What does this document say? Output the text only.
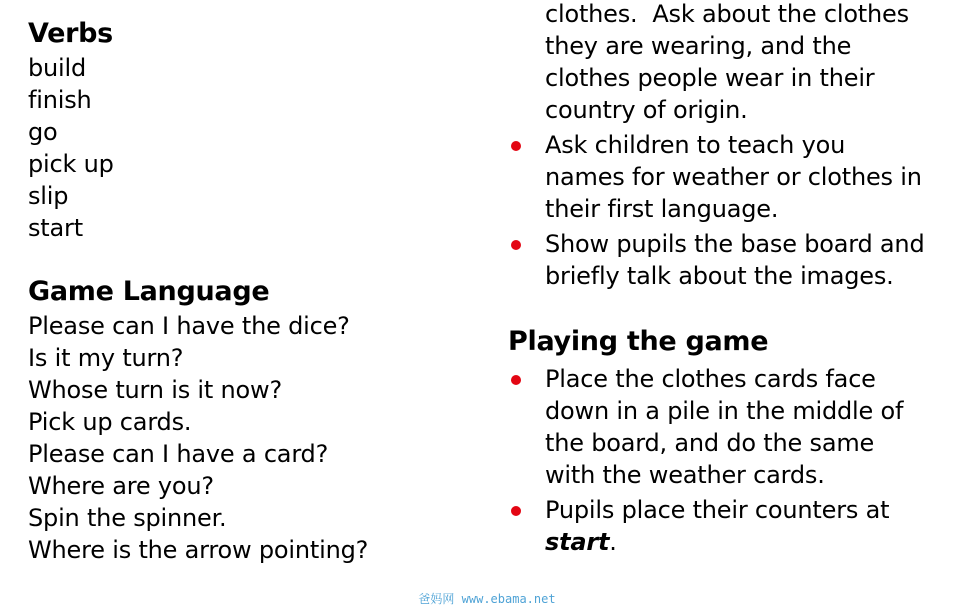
Verbs

build

finish

go

pick up

slip

start

Game Language

Please can I have the dice?

Is it my turn?

Whose turn is it now?

Pick up cards.

Please can I have a card?

Where are you?

Spin the spinner.

Where is the arrow pointing?

clothes.  Ask about the clothes
they are wearing, and the
clothes people wear in their
country of origin.
Ask children to teach you
names for weather or clothes in
their first language.
Show pupils the base board and
briefly talk about the images.
Playing the game
Place the clothes cards face
down in a pile in the middle of
the board, and do the same
with the weather cards.
Pupils place their counters at
start.
爸妈网 www.ebama.net
